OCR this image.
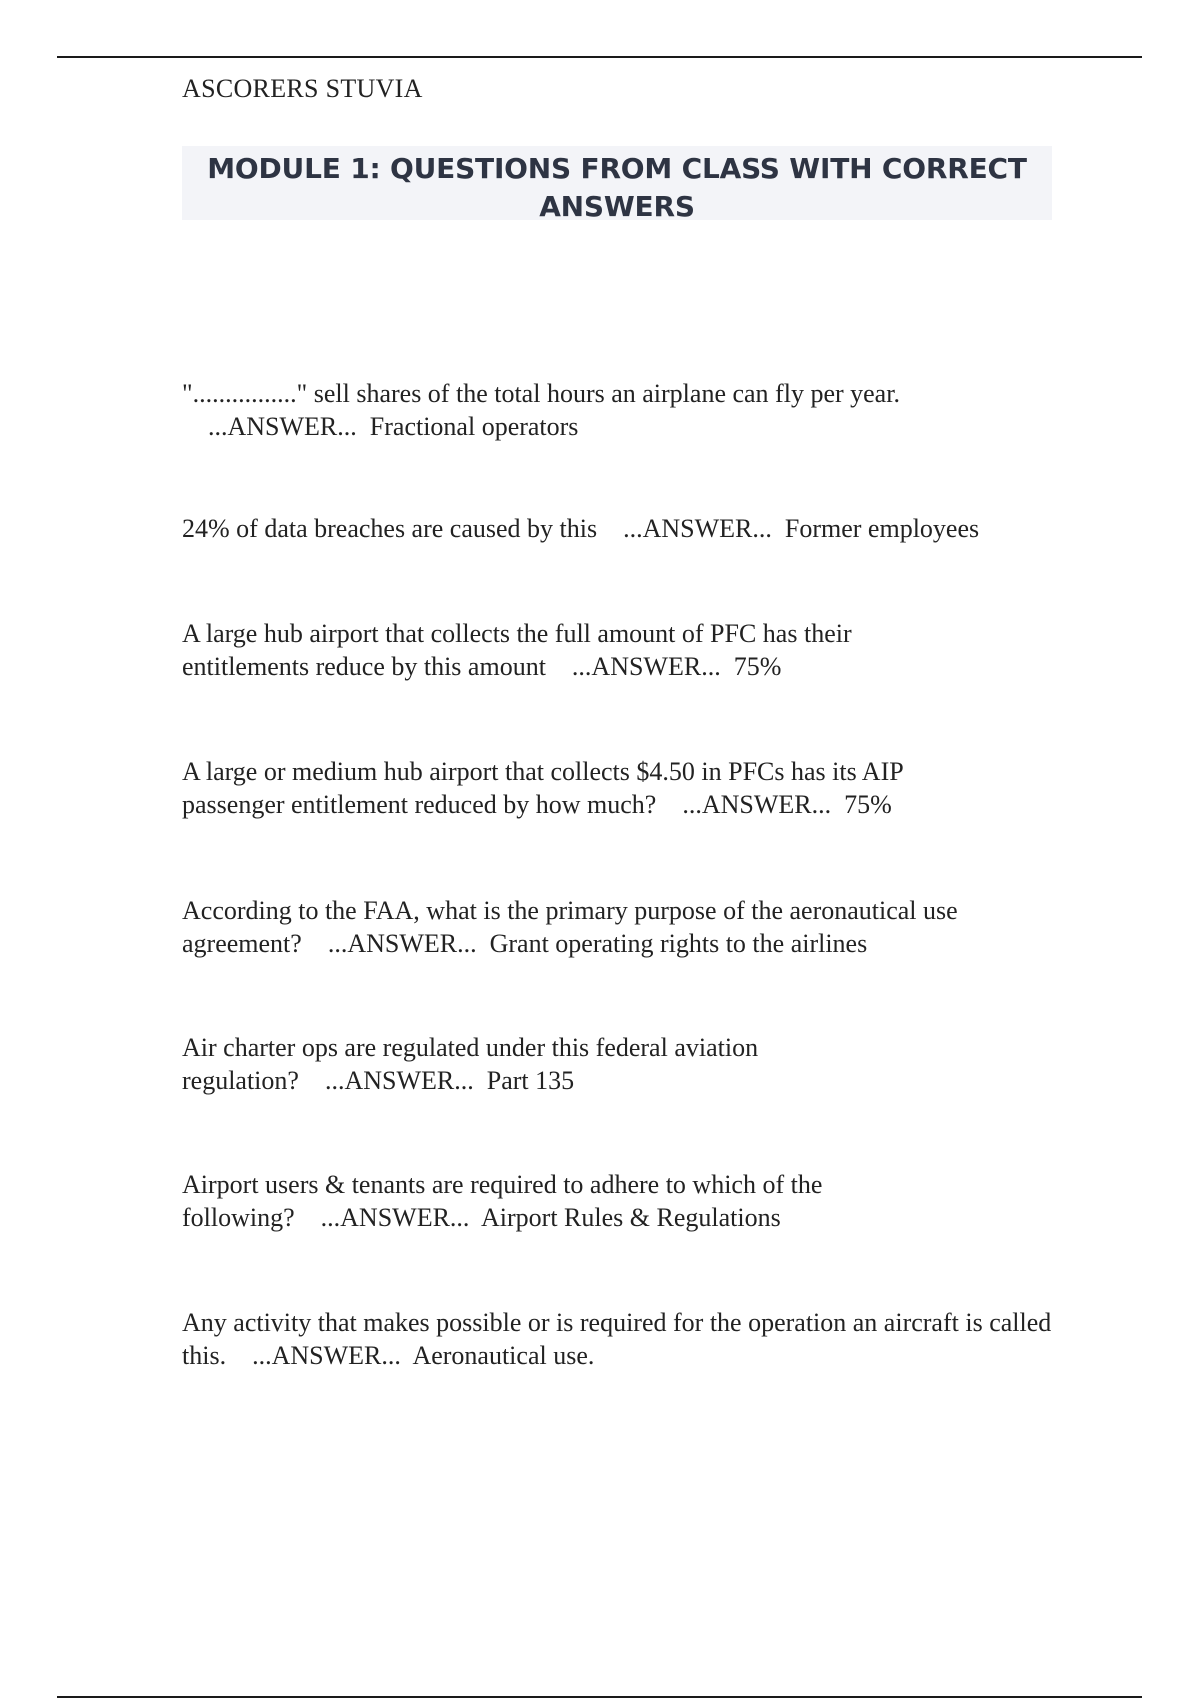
ASCORERS STUVIA
MODULE 1: QUESTIONS FROM CLASS WITH CORRECT ANSWERS
"................" sell shares of the total hours an airplane can fly per year.    ...ANSWER... Fractional operators
24% of data breaches are caused by this ...ANSWER... Former employees
A large hub airport that collects the full amount of PFC has their entitlements reduce by this amount ...ANSWER... 75%
A large or medium hub airport that collects $4.50 in PFCs has its AIP passenger entitlement reduced by how much? ...ANSWER... 75%
According to the FAA, what is the primary purpose of the aeronautical use agreement? ...ANSWER... Grant operating rights to the airlines
Air charter ops are regulated under this federal aviation regulation? ...ANSWER... Part 135
Airport users & tenants are required to adhere to which of the following? ...ANSWER... Airport Rules & Regulations
Any activity that makes possible or is required for the operation an aircraft is called this. ...ANSWER... Aeronautical use.
